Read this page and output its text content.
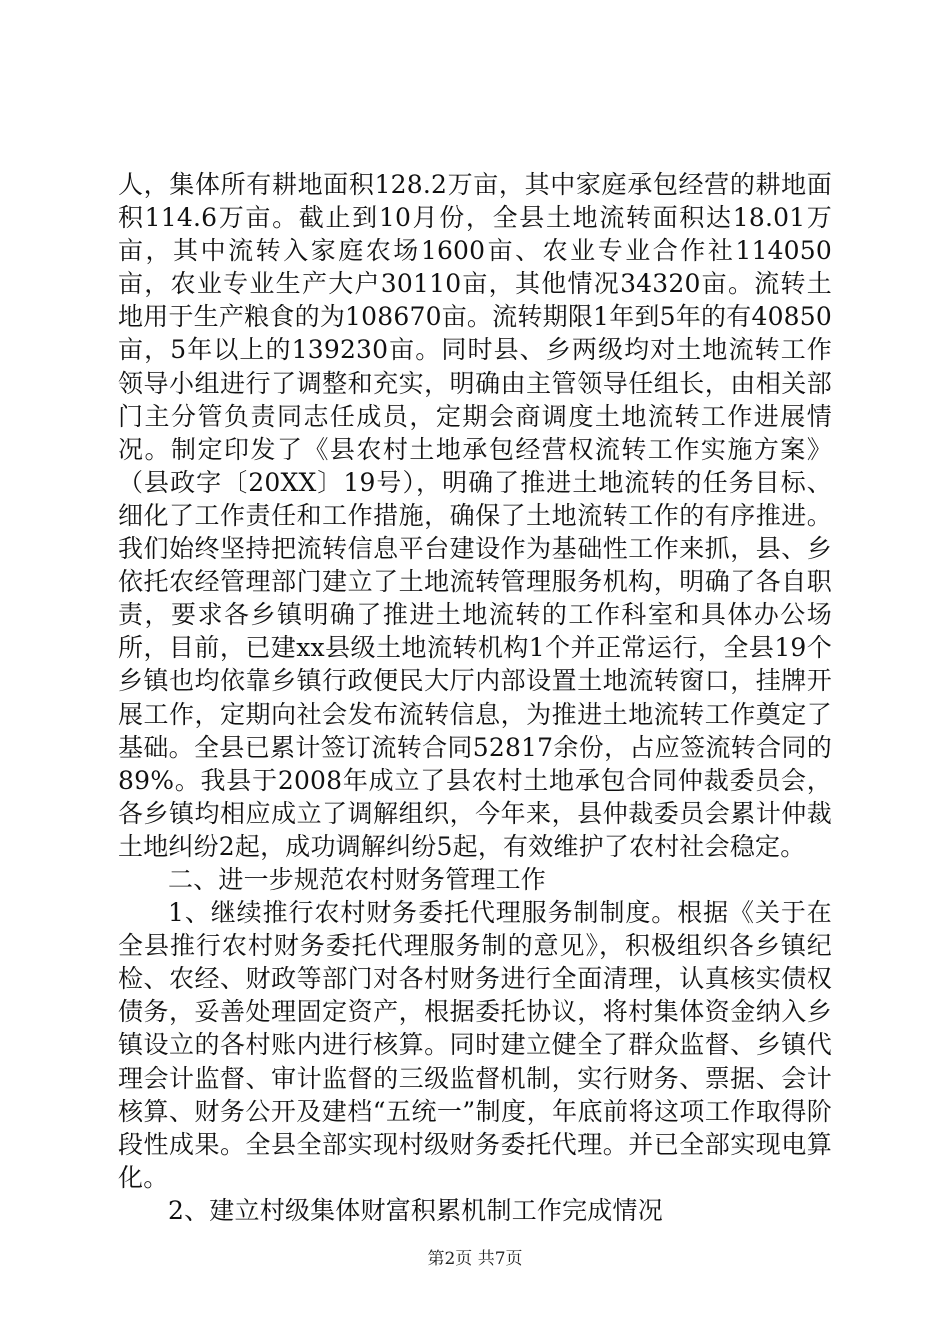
人，集体所有耕地面积128.2万亩，其中家庭承包经营的耕地面积114.6万亩。截止到10月份，全县土地流转面积达18.01万亩，其中流转入家庭农场1600亩、农业专业合作社114050亩，农业专业生产大户30110亩，其他情况34320亩。流转土地用于生产粮食的为108670亩。流转期限1年到5年的有40850亩，5年以上的139230亩。同时县、乡两级均对土地流转工作领导小组进行了调整和充实，明确由主管领导任组长，由相关部门主分管负责同志任成员，定期会商调度土地流转工作进展情况。制定印发了《县农村土地承包经营权流转工作实施方案》（县政字〔20XX〕19号），明确了推进土地流转的任务目标、细化了工作责任和工作措施，确保了土地流转工作的有序推进。我们始终坚持把流转信息平台建设作为基础性工作来抓，县、乡依托农经管理部门建立了土地流转管理服务机构，明确了各自职责，要求各乡镇明确了推进土地流转的工作科室和具体办公场所，目前，已建xx县级土地流转机构1个并正常运行，全县19个乡镇也均依靠乡镇行政便民大厅内部设置土地流转窗口，挂牌开展工作，定期向社会发布流转信息，为推进土地流转工作奠定了基础。全县已累计签订流转合同52817余份，占应签流转合同的89%。我县于2008年成立了县农村土地承包合同仲裁委员会，各乡镇均相应成立了调解组织，今年来，县仲裁委员会累计仲裁土地纠纷2起，成功调解纠纷5起，有效维护了农村社会稳定。

二、进一步规范农村财务管理工作

1、继续推行农村财务委托代理服务制制度。根据《关于在全县推行农村财务委托代理服务制的意见》，积极组织各乡镇纪检、农经、财政等部门对各村财务进行全面清理，认真核实债权债务，妥善处理固定资产，根据委托协议，将村集体资金纳入乡镇设立的各村账内进行核算。同时建立健全了群众监督、乡镇代理会计监督、审计监督的三级监督机制，实行财务、票据、会计核算、财务公开及建档“五统一”制度，年底前将这项工作取得阶段性成果。全县全部实现村级财务委托代理。并已全部实现电算化。

2、建立村级集体财富积累机制工作完成情况

第2页 共7页
